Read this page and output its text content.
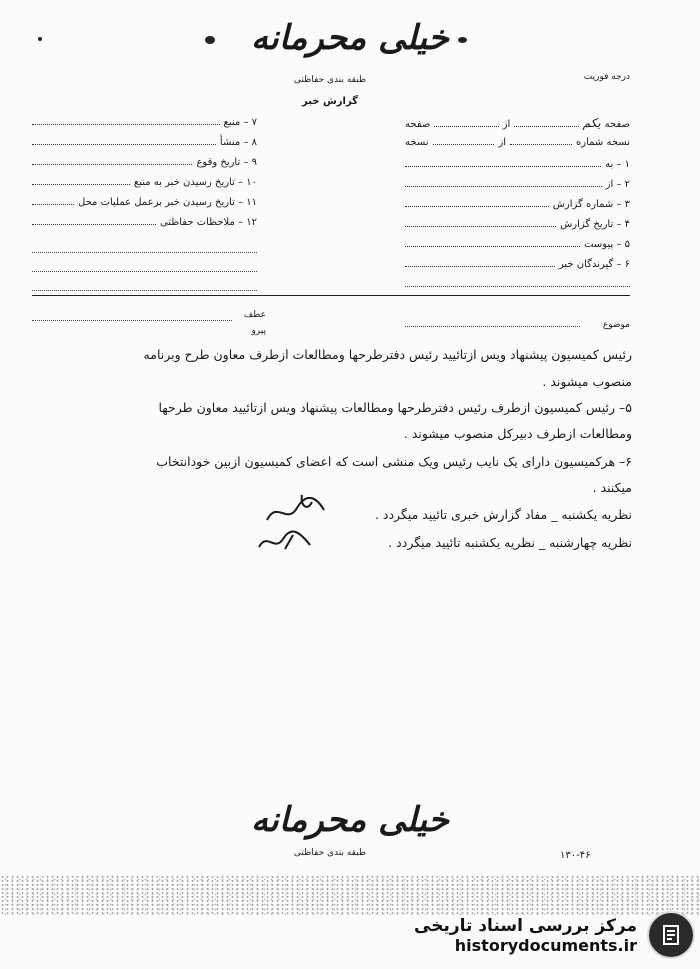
خیلی محرمانه
طبقه بندی حفاظتی
گزارش خبر
درجه فوریت
صفحه
یکم
از
صفحه
نسخه شماره
از
نسخه
۱ – به
۲ – از
۳ – شماره گزارش
۴ – تاریخ گزارش
۵ – پیوست
۶ – گیرندگان خبر
۷ – منبع
۸ – منشأ
۹ – تاریخ وقوع
۱۰ – تاریخ رسیدن خبر به منبع
۱۱ – تاریخ رسیدن خبر برعمل عملیات محل
۱۲ – ملاحظات حفاظتی
موضوع
عطف
پیرو
رئیس کمیسیون پیشنهاد ویس ازتائیید رئیس دفترطرحها ومطالعات ازطرف معاون طرح وبرنامه
منصوب میشوند .
۵– رئیس کمیسیون ازطرف رئیس دفترطرحها ومطالعات پیشنهاد ویس ازتائیید معاون طرحها
ومطالعات ازطرف دبیرکل منصوب میشوند .
۶– هرکمیسیون دارای یک نایب رئیس ویک منشی است که اعضای کمیسیون ازبین خودانتخاب
میکنند .
نظریه یکشنبه _ مفاد گزارش خبری تائیید میگردد .
نظریه چهارشنبه _ نظریه یکشنبه تائیید میگردد .
خیلی محرمانه
طبقه بندی حفاظتی	۱۳۰-۴۶
مرکز بررسی اسناد تاریخی
historydocuments.ir
